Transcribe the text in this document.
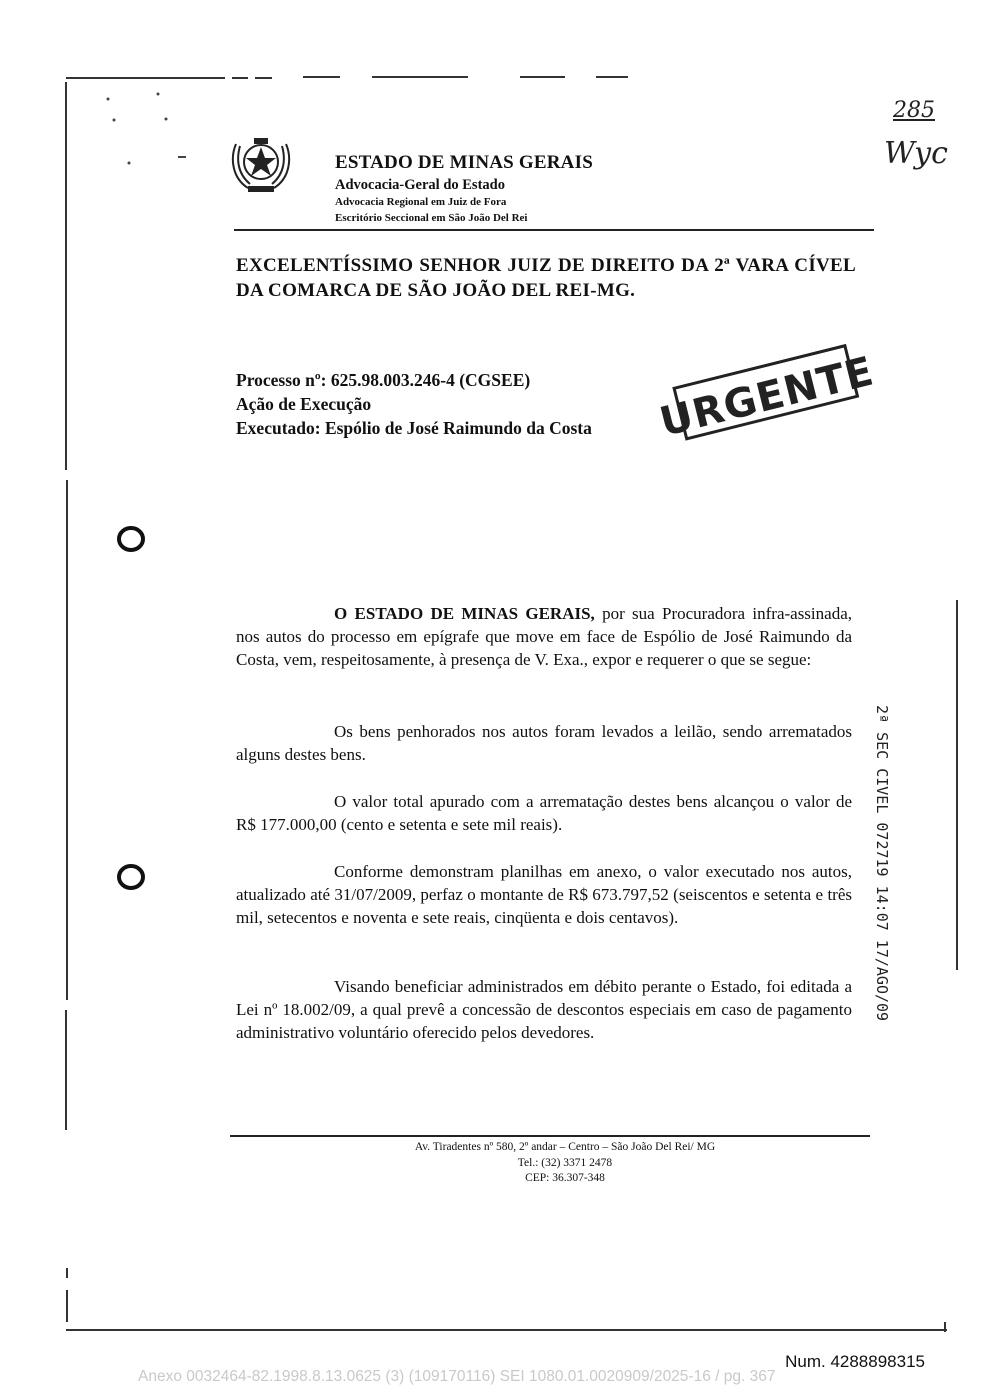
285
Wyc
ESTADO DE MINAS GERAIS
Advocacia-Geral do Estado
Advocacia Regional em Juiz de Fora
Escritório Seccional em São João Del Rei
EXCELENTÍSSIMO SENHOR JUIZ DE DIREITO DA 2ª VARA CÍVEL DA COMARCA DE SÃO JOÃO DEL REI-MG.
Processo nº: 625.98.003.246-4 (CGSEE)
Ação de Execução
Executado: Espólio de José Raimundo da Costa URGENTE
O ESTADO DE MINAS GERAIS, por sua Procuradora infra-assinada, nos autos do processo em epígrafe que move em face de Espólio de José Raimundo da Costa, vem, respeitosamente, à presença de V. Exa., expor e requerer o que se segue:
Os bens penhorados nos autos foram levados a leilão, sendo arrematados alguns destes bens.
O valor total apurado com a arrematação destes bens alcançou o valor de R$ 177.000,00 (cento e setenta e sete mil reais).
Conforme demonstram planilhas em anexo, o valor executado nos autos, atualizado até 31/07/2009, perfaz o montante de R$ 673.797,52 (seiscentos e setenta e três mil, setecentos e noventa e sete reais, cinqüenta e dois centavos).
Visando beneficiar administrados em débito perante o Estado, foi editada a Lei nº 18.002/09, a qual prevê a concessão de descontos especiais em caso de pagamento administrativo voluntário oferecido pelos devedores.
2ª SEC CIVEL 072719 14:07 17/AGO/09
Av. Tiradentes nº 580, 2º andar – Centro – São João Del Rei/ MG
Tel.: (32) 3371 2478
CEP: 36.307-348
Num. 4288898315
Anexo 0032464-82.1998.8.13.0625 (3) (109170116) SEI 1080.01.0020909/2025-16 / pg. 367
